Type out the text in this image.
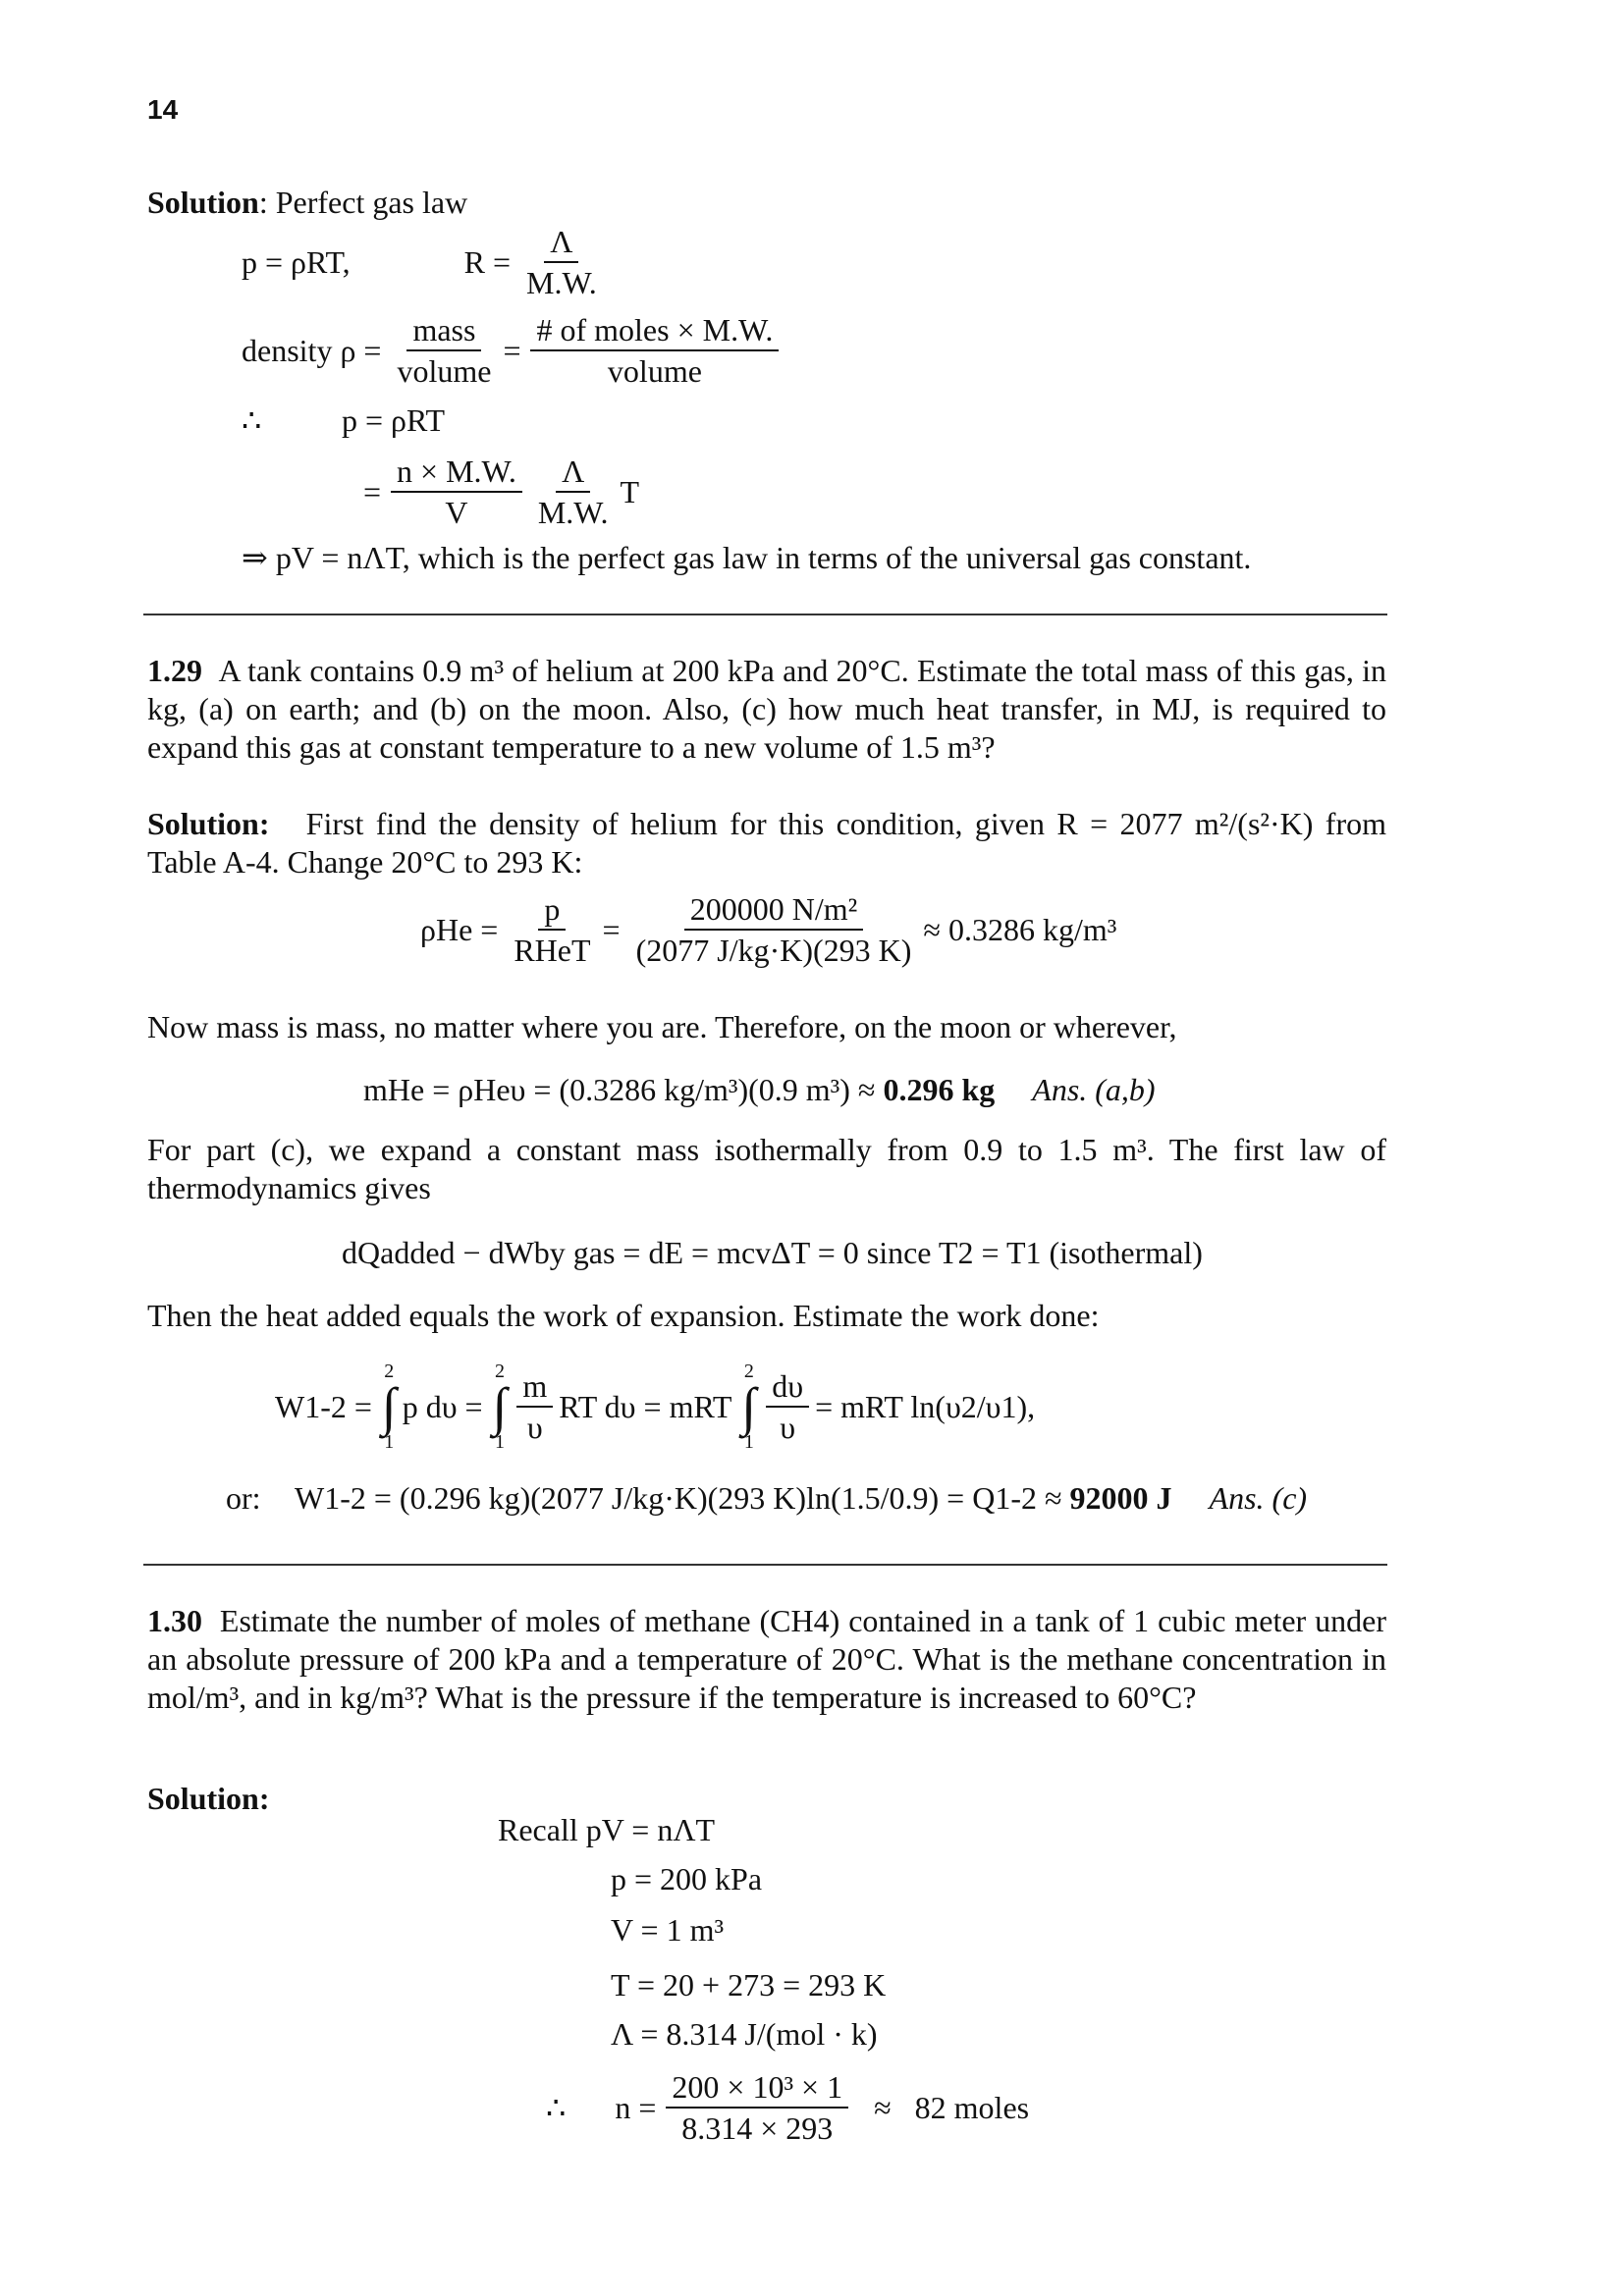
14
Solution: Perfect gas law
p = ρRT,	$R = \frac{\Lambda}{M.W.}$
density $\rho = \frac{\text{mass}}{\text{volume}} = \frac{\text{\# of moles × M.W.}}{\text{volume}}$
∴	p = ρRT
= $\frac{n \times M.W.}{V} \frac{\Lambda}{M.W.}$ T
⇒ pV = nΛT, which is the perfect gas law in terms of the universal gas constant.
1.29 A tank contains 0.9 m³ of helium at 200 kPa and 20°C. Estimate the total mass of this gas, in kg, (a) on earth; and (b) on the moon. Also, (c) how much heat transfer, in MJ, is required to expand this gas at constant temperature to a new volume of 1.5 m³?
Solution: First find the density of helium for this condition, given R = 2077 m²/(s²·K) from Table A-4. Change 20°C to 293 K:
$\rho He = \frac{p}{\text{RHeT}} = \frac{\text{200000 N/m²}}{(2077 J/kg\cdot K)(293 K)} \approx 0.3286$ kg/m³
Now mass is mass, no matter where you are. Therefore, on the moon or wherever,
mHe = ρHeυ = (0.3286 kg/m³)(0.9 m³) ≈ 0.296 kg Ans. (a,b)
For part (c), we expand a constant mass isothermally from 0.9 to 1.5 m³. The first law of thermodynamics gives
dQadded − dWby gas = dE = mcvΔT = 0 since T2 = T1 (isothermal)
Then the heat added equals the work of expansion. Estimate the work done:
W1-2 =
2
∫
1
p dυ =
2
∫
$1 \frac{m}{\upsilon}$ RT dυ = mRT
2
∫
$1 \frac{d\upsilon}{\upsilon}$ = mRT ln(υ2/υ1),
or: W1-2 = (0.296 kg)(2077 J/kg·K)(293 K)ln(1.5/0.9) = Q1-2 ≈ 92000 J Ans. (c)
1.30 Estimate the number of moles of methane (CH4) contained in a tank of 1 cubic meter under an absolute pressure of 200 kPa and a temperature of 20°C. What is the methane concentration in mol/m³, and in kg/m³? What is the pressure if the temperature is increased to 60°C?
Solution:
Recall pV = nΛT
p = 200 kPa
V = 1 m³
T = 20 + 273 = 293 K
Λ = 8.314 J/(mol · k)
∴ $n = \frac{\text{200 × 10³ × 1}}{8.314 \times 293} \approx 82$ moles
